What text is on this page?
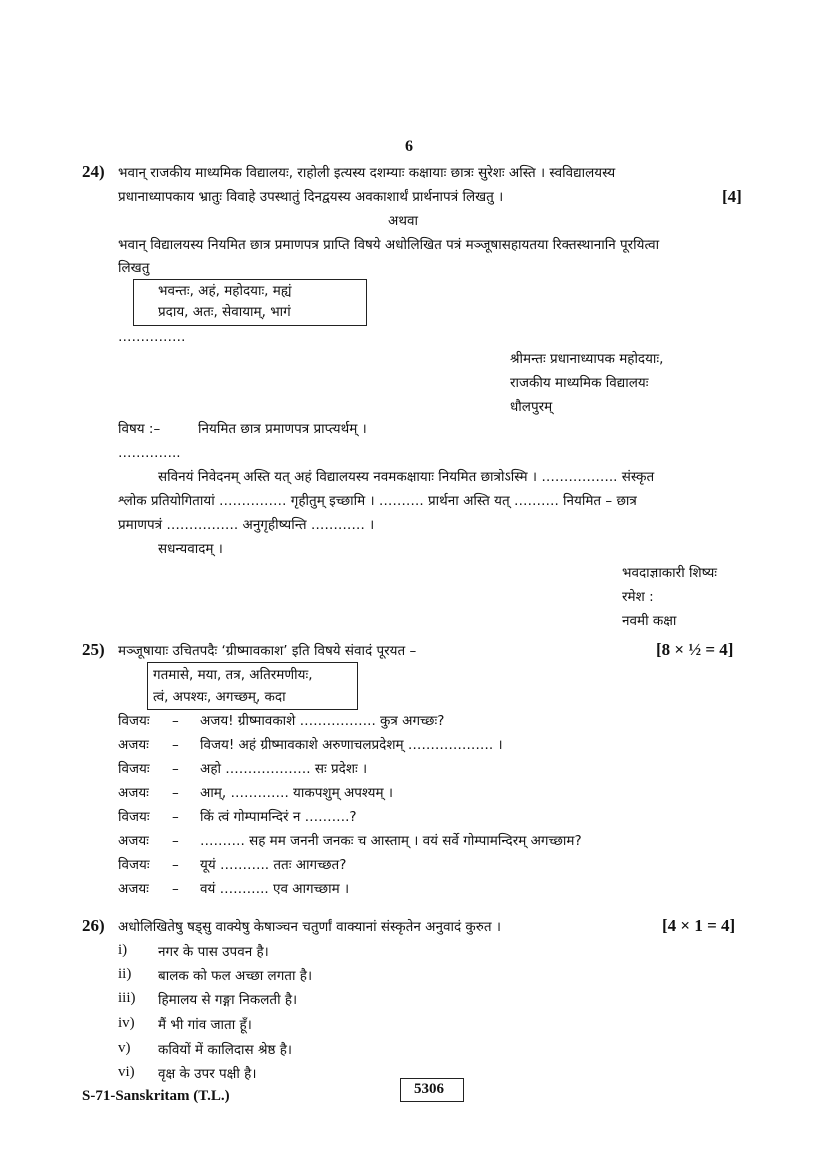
6
24) भवान् राजकीय माध्यमिक विद्यालयः, राहोली इत्यस्य दशम्याः कक्षायाः छात्रः सुरेशः अस्ति । स्वविद्यालयस्य
प्रधानाध्यापकाय भ्रातुः विवाहे उपस्थातुं दिनद्वयस्य अवकाशार्थं प्रार्थनापत्रं लिखतु ।	[4]
अथवा
भवान् विद्यालयस्य नियमित छात्र प्रमाणपत्र प्राप्ति विषये अधोलिखित पत्रं मञ्जूषासहायतया रिक्तस्थानानि पूरयित्वा
लिखतु
भवन्तः, अहं, महोदयाः, मह्यं
प्रदाय, अतः, सेवायाम्, भागं
……………
श्रीमन्तः प्रधानाध्यापक महोदयाः,
राजकीय माध्यमिक विद्यालयः
धौलपुरम्
विषय :–	नियमित छात्र प्रमाणपत्र प्राप्त्यर्थम् ।
…………..
सविनयं निवेदनम् अस्ति यत् अहं विद्यालयस्य नवमकक्षायाः नियमित छात्रोऽस्मि । …………….. संस्कृत
श्लोक प्रतियोगितायां …………… गृहीतुम् इच्छामि । ………. प्रार्थना अस्ति यत् ………. नियमित – छात्र
प्रमाणपत्रं ……………. अनुगृहीष्यन्ति ………… ।
सधन्यवादम् ।
भवदाज्ञाकारी शिष्यः
रमेश :
नवमी कक्षा
25) मञ्जूषायाः उचितपदैः ‘ग्रीष्मावकाश’ इति विषये संवादं पूरयत –	[8 × ½ = 4]
गतमासे, मया, तत्र, अतिरमणीयः,
त्वं, अपश्यः, अगच्छम्, कदा
विजयः – अजय! ग्रीष्मावकाशे …………….. कुत्र अगच्छः?
अजयः – विजय! अहं ग्रीष्मावकाशे अरुणाचलप्रदेशम् ………………. ।
विजयः – अहो ………………. सः प्रदेशः ।
अजयः – आम्, …………. याकपशुम् अपश्यम् ।
विजयः – किं त्वं गोम्पामन्दिरं न ……….?
अजयः – ………. सह मम जननी जनकः च आस्ताम् । वयं सर्वे गोम्पामन्दिरम् अगच्छाम?
विजयः – यूयं ……….. ततः आगच्छत?
अजयः – वयं ……….. एव आगच्छाम ।
26) अधोलिखितेषु षड्सु वाक्येषु केषाञ्चन चतुर्णां वाक्यानां संस्कृतेन अनुवादं कुरुत ।	[4 × 1 = 4]
i) नगर के पास उपवन है।
ii) बालक को फल अच्छा लगता है।
iii) हिमालय से गङ्गा निकलती है।
iv) मैं भी गांव जाता हूँ।
v) कवियों में कालिदास श्रेष्ठ है।
vi) वृक्ष के उपर पक्षी है।
S-71-Sanskritam (T.L.)	5306
